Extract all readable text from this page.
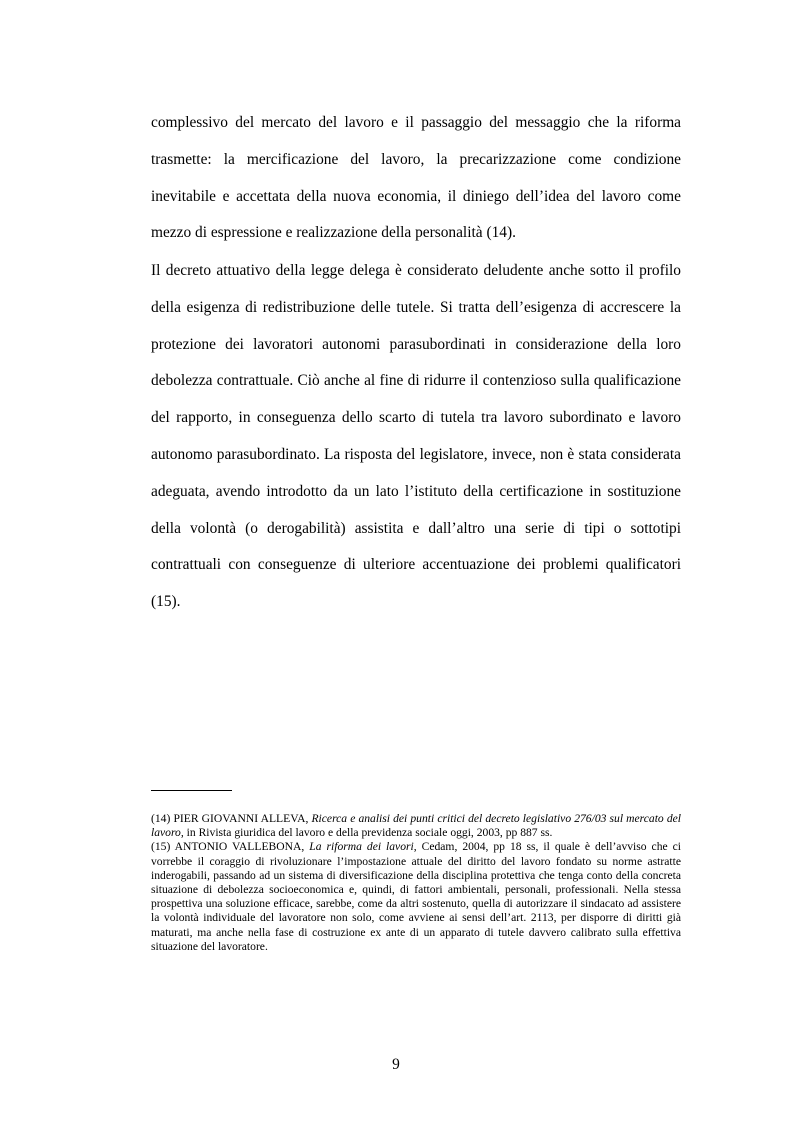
complessivo del mercato del lavoro e il passaggio del messaggio che la riforma trasmette: la mercificazione del lavoro, la precarizzazione come condizione inevitabile e accettata della nuova economia, il diniego dell’idea del lavoro come mezzo di espressione e realizzazione della personalità (14).

Il decreto attuativo della legge delega è considerato deludente anche sotto il profilo della esigenza di redistribuzione delle tutele. Si tratta dell’esigenza di accrescere la protezione dei lavoratori autonomi parasubordinati in considerazione della loro debolezza contrattuale. Ciò anche al fine di ridurre il contenzioso sulla qualificazione del rapporto, in conseguenza dello scarto di tutela tra lavoro subordinato e lavoro autonomo parasubordinato. La risposta del legislatore, invece, non è stata considerata adeguata, avendo introdotto da un lato l’istituto della certificazione in sostituzione della volontà (o derogabilità) assistita e dall’altro una serie di tipi o sottotipi contrattuali con conseguenze di ulteriore accentuazione dei problemi qualificatori (15).

(14) PIER GIOVANNI ALLEVA, Ricerca e analisi dei punti critici del decreto legislativo 276/03 sul mercato del lavoro, in Rivista giuridica del lavoro e della previdenza sociale oggi, 2003, pp 887 ss.

(15) ANTONIO VALLEBONA, La riforma dei lavori, Cedam, 2004, pp 18 ss, il quale è dell’avviso che ci vorrebbe il coraggio di rivoluzionare l’impostazione attuale del diritto del lavoro fondato su norme astratte inderogabili, passando ad un sistema di diversificazione della disciplina protettiva che tenga conto della concreta situazione di debolezza socioeconomica e, quindi, di fattori ambientali, personali, professionali. Nella stessa prospettiva una soluzione efficace, sarebbe, come da altri sostenuto, quella di autorizzare il sindacato ad assistere la volontà individuale del lavoratore non solo, come avviene ai sensi dell’art. 2113, per disporre di diritti già maturati, ma anche nella fase di costruzione ex ante di un apparato di tutele davvero calibrato sulla effettiva situazione del lavoratore.

9
